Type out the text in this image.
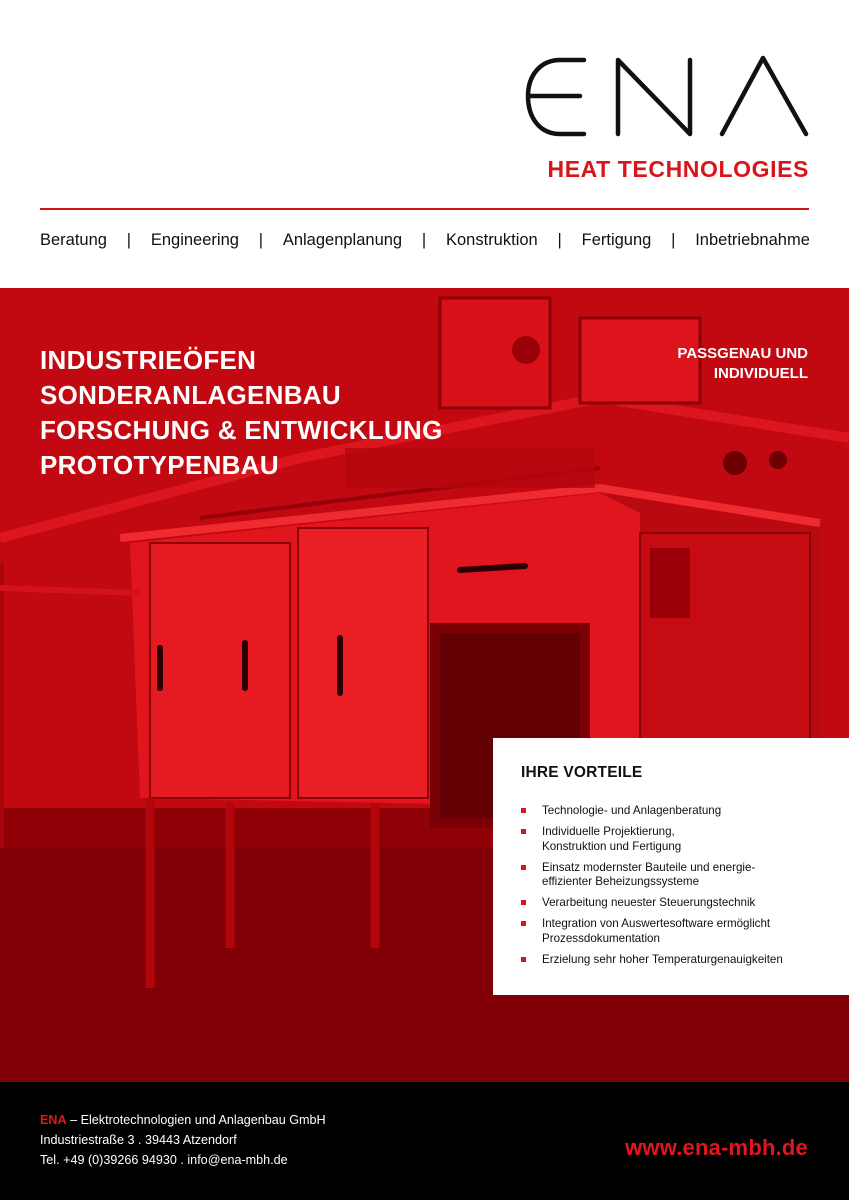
HEAT TECHNOLOGIES
Beratung | Engineering | Anlagenplanung | Konstruktion | Fertigung | Inbetriebnahme
INDUSTRIEÖFEN
SONDERANLAGENBAU
FORSCHUNG & ENTWICKLUNG
PROTOTYPENBAU
PASSGENAU UND
INDIVIDUELL
IHRE VORTEILE
Technologie- und Anlagenberatung
Individuelle Projektierung,
Konstruktion und Fertigung
Einsatz modernster Bauteile und energie-
effizienter Beheizungssysteme
Verarbeitung neuester Steuerungstechnik
Integration von Auswertesoftware ermöglicht
Prozessdokumentation
Erzielung sehr hoher Temperaturgenauigkeiten
ENA – Elektrotechnologien und Anlagenbau GmbH
Industriestraße 3 . 39443 Atzendorf
Tel. +49 (0)39266 94930 . info@ena-mbh.de	www.ena-mbh.de
